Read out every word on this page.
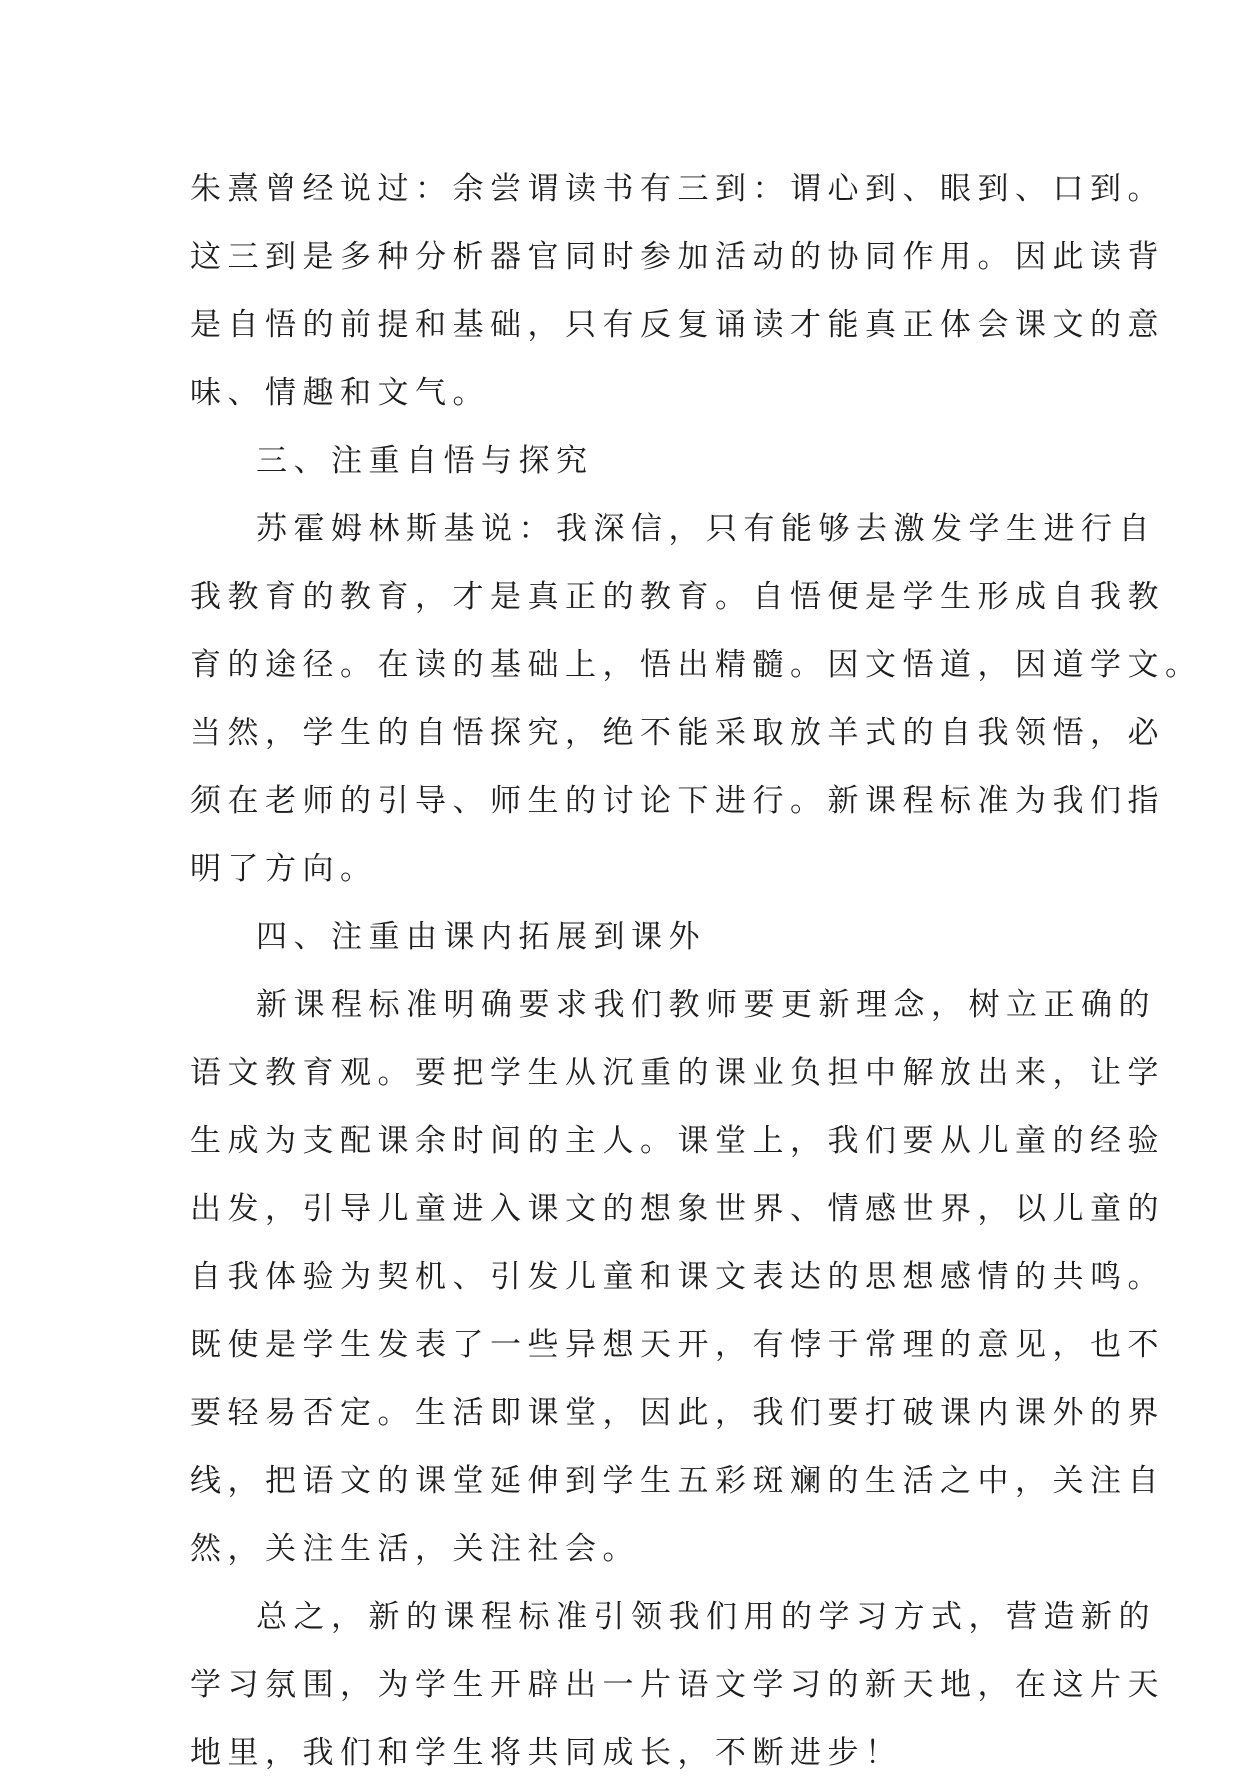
朱熹曾经说过：余尝谓读书有三到：谓心到、眼到、口到。
这三到是多种分析器官同时参加活动的协同作用。因此读背
是自悟的前提和基础，只有反复诵读才能真正体会课文的意
味、情趣和文气。
三、注重自悟与探究
苏霍姆林斯基说：我深信，只有能够去激发学生进行自
我教育的教育，才是真正的教育。自悟便是学生形成自我教
育的途径。在读的基础上，悟出精髓。因文悟道，因道学文。
当然，学生的自悟探究，绝不能采取放羊式的自我领悟，必
须在老师的引导、师生的讨论下进行。新课程标准为我们指
明了方向。
四、注重由课内拓展到课外
新课程标准明确要求我们教师要更新理念，树立正确的
语文教育观。要把学生从沉重的课业负担中解放出来，让学
生成为支配课余时间的主人。课堂上，我们要从儿童的经验
出发，引导儿童进入课文的想象世界、情感世界，以儿童的
自我体验为契机、引发儿童和课文表达的思想感情的共鸣。
既使是学生发表了一些异想天开，有悖于常理的意见，也不
要轻易否定。生活即课堂，因此，我们要打破课内课外的界
线，把语文的课堂延伸到学生五彩斑斓的生活之中，关注自
然，关注生活，关注社会。
总之，新的课程标准引领我们用的学习方式，营造新的
学习氛围，为学生开辟出一片语文学习的新天地，在这片天
地里，我们和学生将共同成长，不断进步！
